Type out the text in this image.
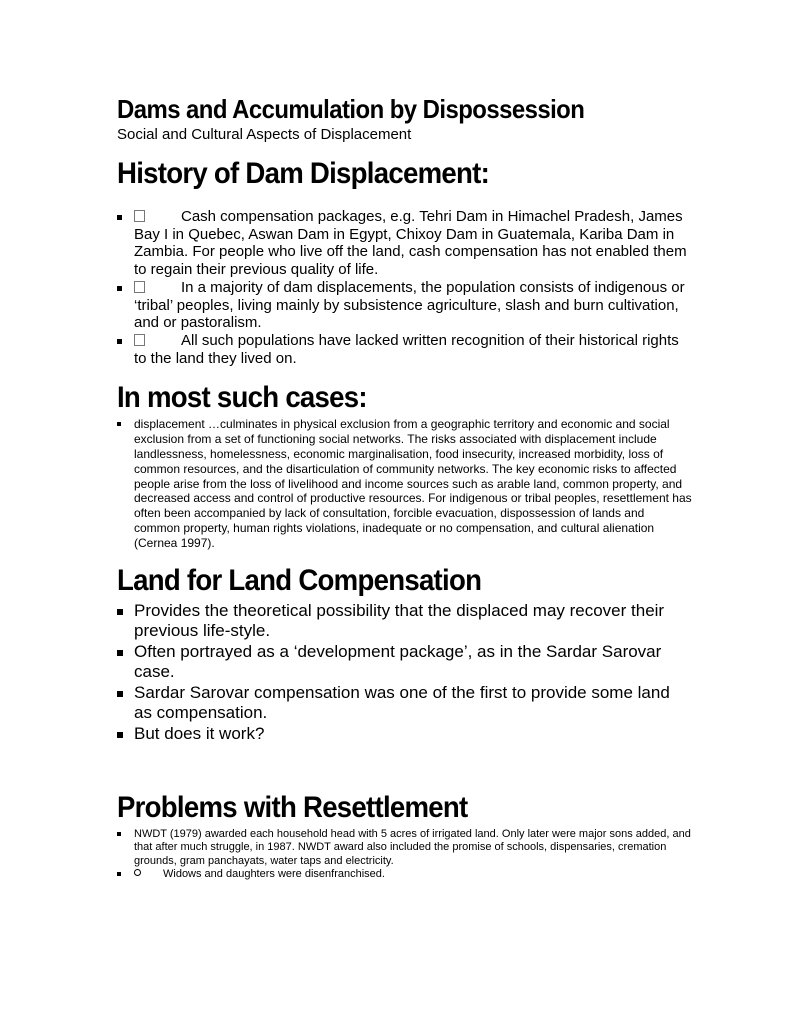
Dams and Accumulation by Dispossession

Social and Cultural Aspects of Displacement

History of Dam Displacement:
Cash compensation packages, e.g. Tehri Dam in Himachel Pradesh, James Bay I in Quebec, Aswan Dam in Egypt, Chixoy Dam in Guatemala, Kariba Dam in Zambia. For people who live off the land, cash compensation has not enabled them to regain their previous quality of life.
In a majority of dam displacements, the population consists of indigenous or ‘tribal’ peoples, living mainly by subsistence agriculture, slash and burn cultivation, and or pastoralism.
All such populations have lacked written recognition of their historical rights to the land they lived on.
In most such cases:
displacement …culminates in physical exclusion from a geographic territory and economic and social exclusion from a set of functioning social networks. The risks associated with displacement include landlessness, homelessness, economic marginalisation, food insecurity, increased morbidity, loss of common resources, and the disarticulation of community networks. The key economic risks to affected people arise from the loss of livelihood and income sources such as arable land, common property, and decreased access and control of productive resources. For indigenous or tribal peoples, resettlement has often been accompanied by lack of consultation, forcible evacuation, dispossession of lands and common property, human rights violations, inadequate or no compensation, and cultural alienation (Cernea 1997).
Land for Land Compensation
Provides the theoretical possibility that the displaced may recover their previous life-style.
Often portrayed as a ‘development package’, as in the Sardar Sarovar case.
Sardar Sarovar compensation was one of the first to provide some land as compensation.
But does it work?
Problems with Resettlement
NWDT (1979) awarded each household head with 5 acres of irrigated land. Only later were major sons added, and that after much struggle, in 1987. NWDT award also included the promise of schools, dispensaries, cremation grounds, gram panchayats, water taps and electricity.
Widows and daughters were disenfranchised.
